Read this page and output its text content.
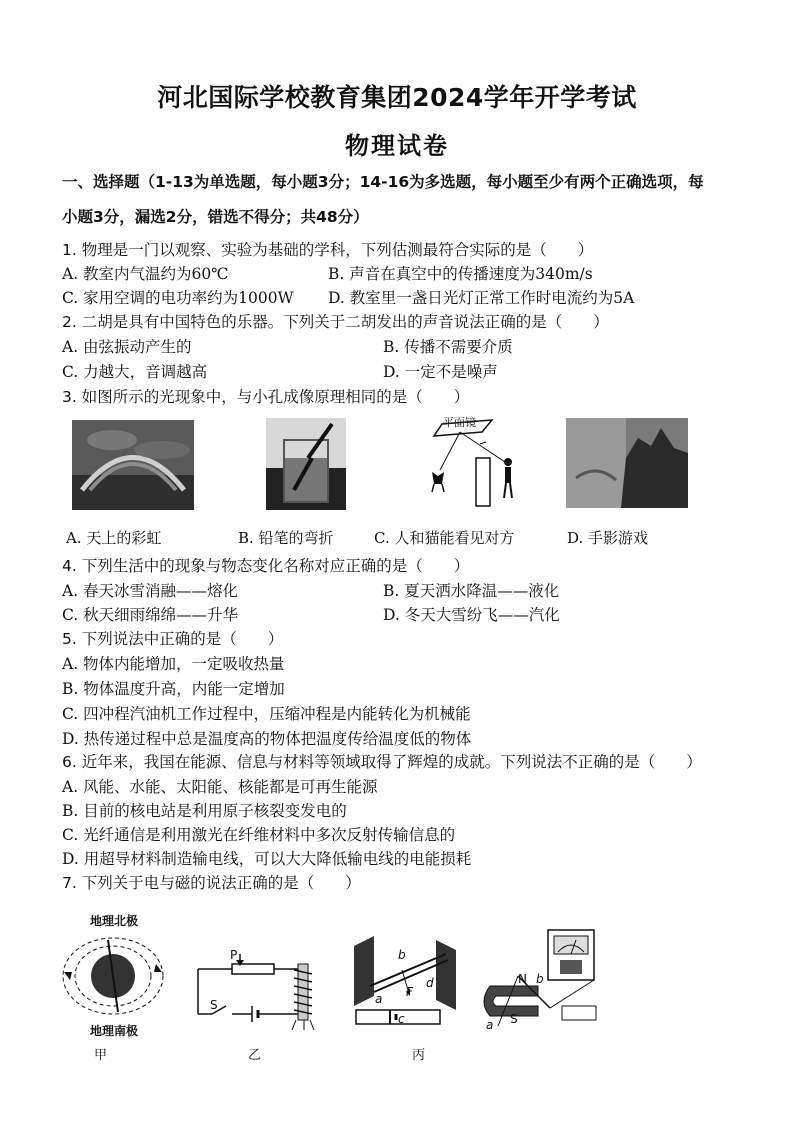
河北国际学校教育集团2024学年开学考试
物理试卷
一、选择题（1-13为单选题，每小题3分；14-16为多选题，每小题至少有两个正确选项，每
小题3分，漏选2分，错选不得分；共48分）
1. 物理是一门以观察、实验为基础的学科，下列估测最符合实际的是（　　）
A. 教室内气温约为60℃	B. 声音在真空中的传播速度为340m/s
C. 家用空调的电功率约为1000W D. 教室里一盏日光灯正常工作时电流约为5A
2. 二胡是具有中国特色的乐器。下列关于二胡发出的声音说法正确的是（　　）
A. 由弦振动产生的	B. 传播不需要介质
C. 力越大，音调越高	D. 一定不是噪声
3. 如图所示的光现象中，与小孔成像原理相同的是（　　）
平面镜
A. 天上的彩虹	B. 铅笔的弯折	C. 人和猫能看见对方	D. 手影游戏
4. 下列生活中的现象与物态变化名称对应正确的是（　　）
A. 春天冰雪消融——熔化	B. 夏天洒水降温——液化
C. 秋天细雨绵绵——升华	D. 冬天大雪纷飞——汽化
5. 下列说法中正确的是（　　）
A. 物体内能增加，一定吸收热量
B. 物体温度升高，内能一定增加
C. 四冲程汽油机工作过程中，压缩冲程是内能转化为机械能
D. 热传递过程中总是温度高的物体把温度传给温度低的物体
6. 近年来，我国在能源、信息与材料等领域取得了辉煌的成就。下列说法不正确的是（　　）
A. 风能、水能、太阳能、核能都是可再生能源
B. 目前的核电站是利用原子核裂变发电的
C. 光纤通信是利用激光在纤维材料中多次反射传输信息的
D. 用超导材料制造输电线，可以大大降低输电线的电能损耗
7. 下列关于电与磁的说法正确的是（　　）
地理北极
地理南极
甲
P
S
乙
b
d
F
a
c
丙
N b
S
a
